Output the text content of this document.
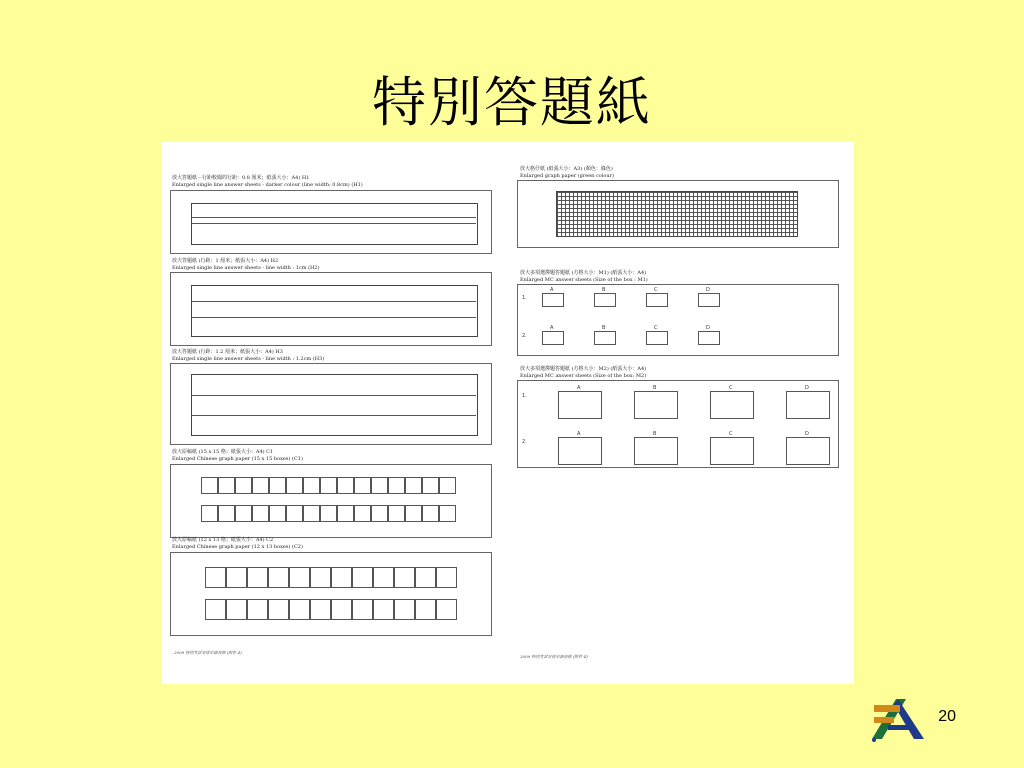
特別答題紙
放大答題紙－行距較闊的行距：0.8 厘米；紙張大小：A4) H1
Enlarged single line answer sheets - darker colour (line width: 0.8cm) (H1)
放大答題紙 (行距：1 厘米；紙張大小：A4) H2
Enlarged single line answer sheets - line width : 1cm (H2)
放大答題紙 (行距：1.2 厘米；紙張大小：A4) H3
Enlarged single line answer sheets - line width : 1.2cm (H3)
放大原稿紙 (15 x 15 格；紙張大小：A4) C1
Enlarged Chinese graph paper (15 x 15 boxes) (C1)
放大原稿紙 (12 x 13 格；紙張大小：A4) C2
Enlarged Chinese graph paper (12 x 13 boxes) (C2)
2009 特別考試安排申請表格 (附件 4)
放大格仔紙 (紙張大小：A3) (顏色：綠色)
Enlarged graph paper (green colour)
放大多項選擇題答題紙 (方格大小：M1) (紙張大小：A4)
Enlarged MC answer sheets (Size of the box : M1)
1.
A	B	C	D
2.
A	B	C	D
放大多項選擇題答題紙 (方格大小：M2) (紙張大小：A4)
Enlarged MC answer sheets (Size of the box: M2)
1.
A	B	C	D
2.
A	B	C	D
2009 特別考試安排申請表格 (附件 4)
20
